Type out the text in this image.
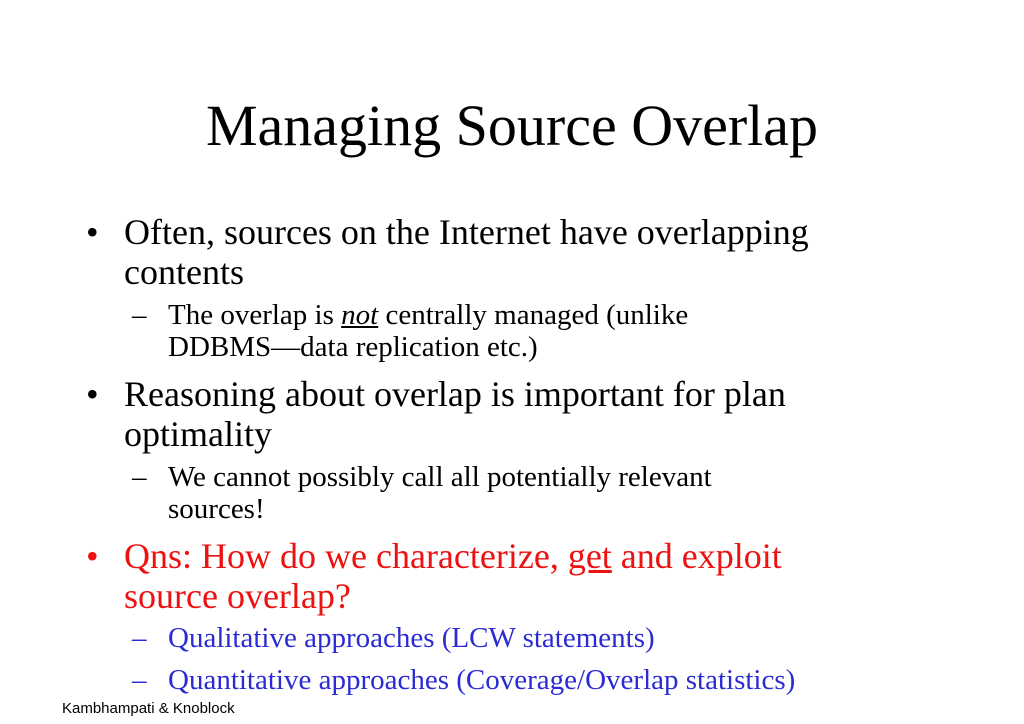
Managing Source Overlap
• Often, sources on the Internet have overlapping
contents
– The overlap is not centrally managed (unlike
DDBMS—data replication etc.)
• Reasoning about overlap is important for plan
optimality
– We cannot possibly call all potentially relevant
sources!
• Qns: How do we characterize, get and exploit
source overlap?
– Qualitative approaches (LCW statements)
– Quantitative approaches (Coverage/Overlap statistics)
Kambhampati & Knoblock
